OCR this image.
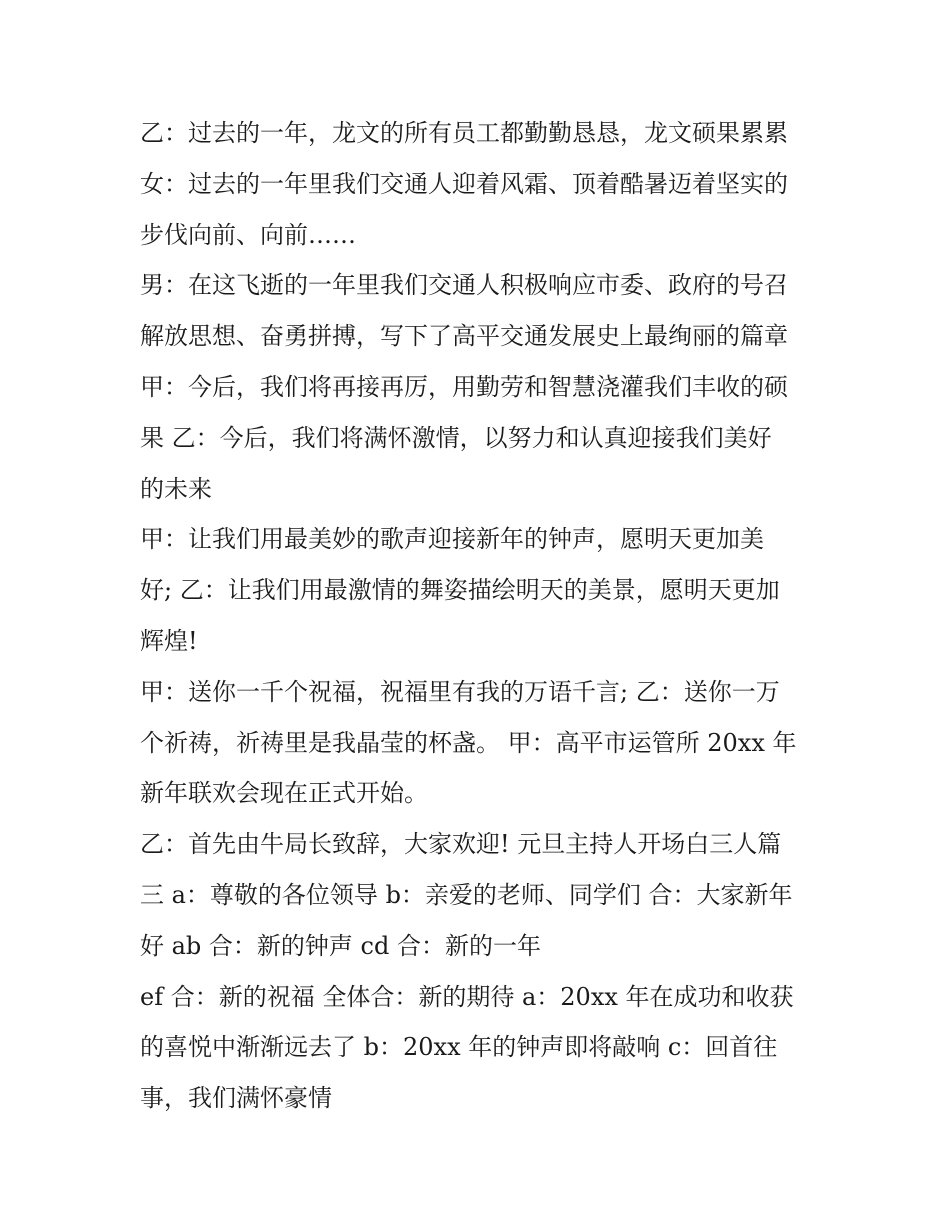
乙：过去的一年，龙文的所有员工都勤勤恳恳，龙文硕果累累
女：过去的一年里我们交通人迎着风霜、顶着酷暑迈着坚实的
步伐向前、向前……
男：在这飞逝的一年里我们交通人积极响应市委、政府的号召
解放思想、奋勇拼搏，写下了高平交通发展史上最绚丽的篇章
甲：今后，我们将再接再厉，用勤劳和智慧浇灌我们丰收的硕
果 乙：今后，我们将满怀激情，以努力和认真迎接我们美好
的未来
甲：让我们用最美妙的歌声迎接新年的钟声，愿明天更加美
好; 乙：让我们用最激情的舞姿描绘明天的美景，愿明天更加
辉煌!
甲：送你一千个祝福，祝福里有我的万语千言; 乙：送你一万
个祈祷，祈祷里是我晶莹的杯盏。 甲：高平市运管所 20xx 年
新年联欢会现在正式开始。
乙：首先由牛局长致辞，大家欢迎! 元旦主持人开场白三人篇
三 a：尊敬的各位领导 b：亲爱的老师、同学们 合：大家新年
好 ab 合：新的钟声 cd 合：新的一年
ef 合：新的祝福 全体合：新的期待 a：20xx 年在成功和收获
的喜悦中渐渐远去了 b：20xx 年的钟声即将敲响 c：回首往
事，我们满怀豪情
